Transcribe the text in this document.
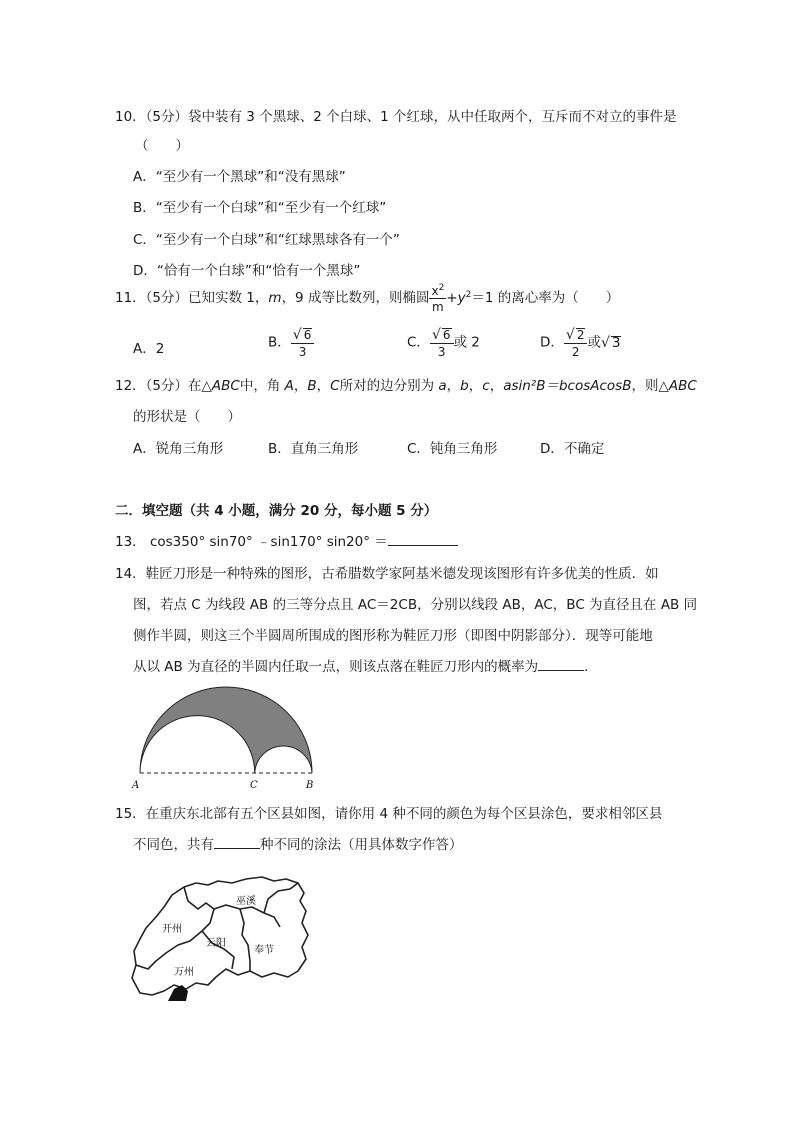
10．（5分）袋中装有 3 个黑球、2 个白球、1 个红球，从中任取两个，互斥而不对立的事件是
（　　）
A．“至少有一个黑球”和“没有黑球”
B．“至少有一个白球”和“至少有一个红球”
C．“至少有一个白球”和“红球黑球各有一个”
D．“恰有一个白球”和“恰有一个黑球”
11．（5分）已知实数 1，m，9 成等比数列，则椭圆 $\frac{x^2}{m} +y^2=1$ 的离心率为（　　）
A．2	B． $\frac{√ 6}{3}$	C． $\frac{√ 6}{3}$ 或 2	D． $\frac{√ 2}{2}$ 或√ 3
12．（5分）在△ABC中，角 A，B，C所对的边分别为 a，b，c，asin²B＝bcosAcosB，则△ABC
的形状是（　　）
A．锐角三角形	B．直角三角形	C．钝角三角形	D．不确定
二．填空题（共 4 小题，满分 20 分，每小题 5 分）
13． cos350° sin70° ﹣sin170° sin20° ＝
14．鞋匠刀形是一种特殊的图形，古希腊数学家阿基米德发现该图形有许多优美的性质．如
图，若点 C 为线段 AB 的三等分点且 AC＝2CB，分别以线段 AB，AC，BC 为直径且在 AB 同
侧作半圆，则这三个半圆周所围成的图形称为鞋匠刀形（即图中阴影部分）．现等可能地
从以 AB 为直径的半圆内任取一点，则该点落在鞋匠刀形内的概率为	．
A	C	B
15．在重庆东北部有五个区县如图，请你用 4 种不同的颜色为每个区县涂色，要求相邻区县
不同色，共有	种不同的涂法（用具体数字作答）
巫溪
开州
云阳
奉节
万州
